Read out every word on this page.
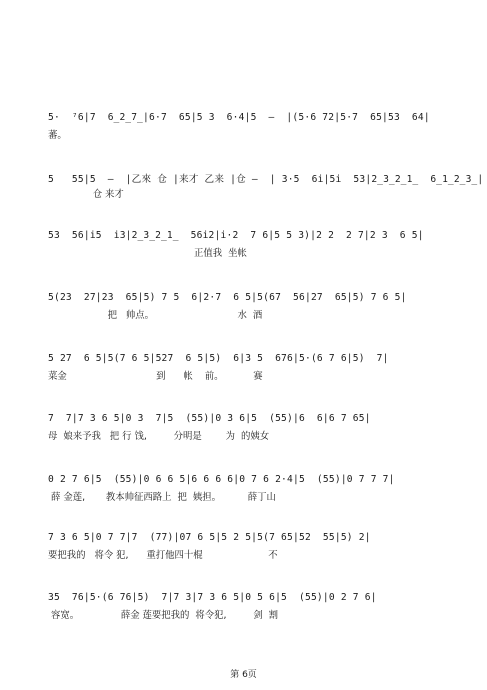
5·  ⁷6|7  6̲2̲7̲|6·7  65|5 3  6·4|5  –  |(5·6 72|5·7  65|53  64|
蕃。
5   55|5  –  |乙來 仓 |来才 乙来 |仓 –  | 3·5  6i|5i  53|2̲3̲2̲1̲  6̲1̲2̲3̲|
仓 来才
53  56|i5  i3|2̲3̲2̲1̲  56i2|i·2  7 6|5 5 3)|2 2  2 7|2 3  6 5|
正值我  坐帐
5(23  27|23  65|5) 7 5  6|2·7  6 5|5(67  56|27  65|5) 7 6 5|
把   帅点。                            水  酒
5 27  6 5|5(7 6 5|527  6 5|5)  6|3 5  676|5·(6 7 6|5)  7|
菜金                              到      帐    前。          赛
7  7|7 3 6 5|0 3  7|5  (55)|0 3 6|5  (55)|6  6|6 7 65|
母  娘来予我   把 行 饯,         分明是        为  的姨女
0 2 7 6|5  (55)|0 6 6 5|6 6 6 6|0 7 6 2·4|5  (55)|0 7 7 7|
薛 金莲,       教本帅征西路上  把  姨担。         薛丁山
7 3 6 5|0 7 7|7  (77)|07 6 5|5 2 5|5(7 65|52  55|5) 2|
要把我的   将令 犯,      重打他四十棍                      不
35  76|5·(6 76|5)  7|7 3|7 3 6 5|0 5 6|5  (55)|0 2 7 6|
容宽。              薛金 莲要把我的  将令犯,         剑  割
第 6页
